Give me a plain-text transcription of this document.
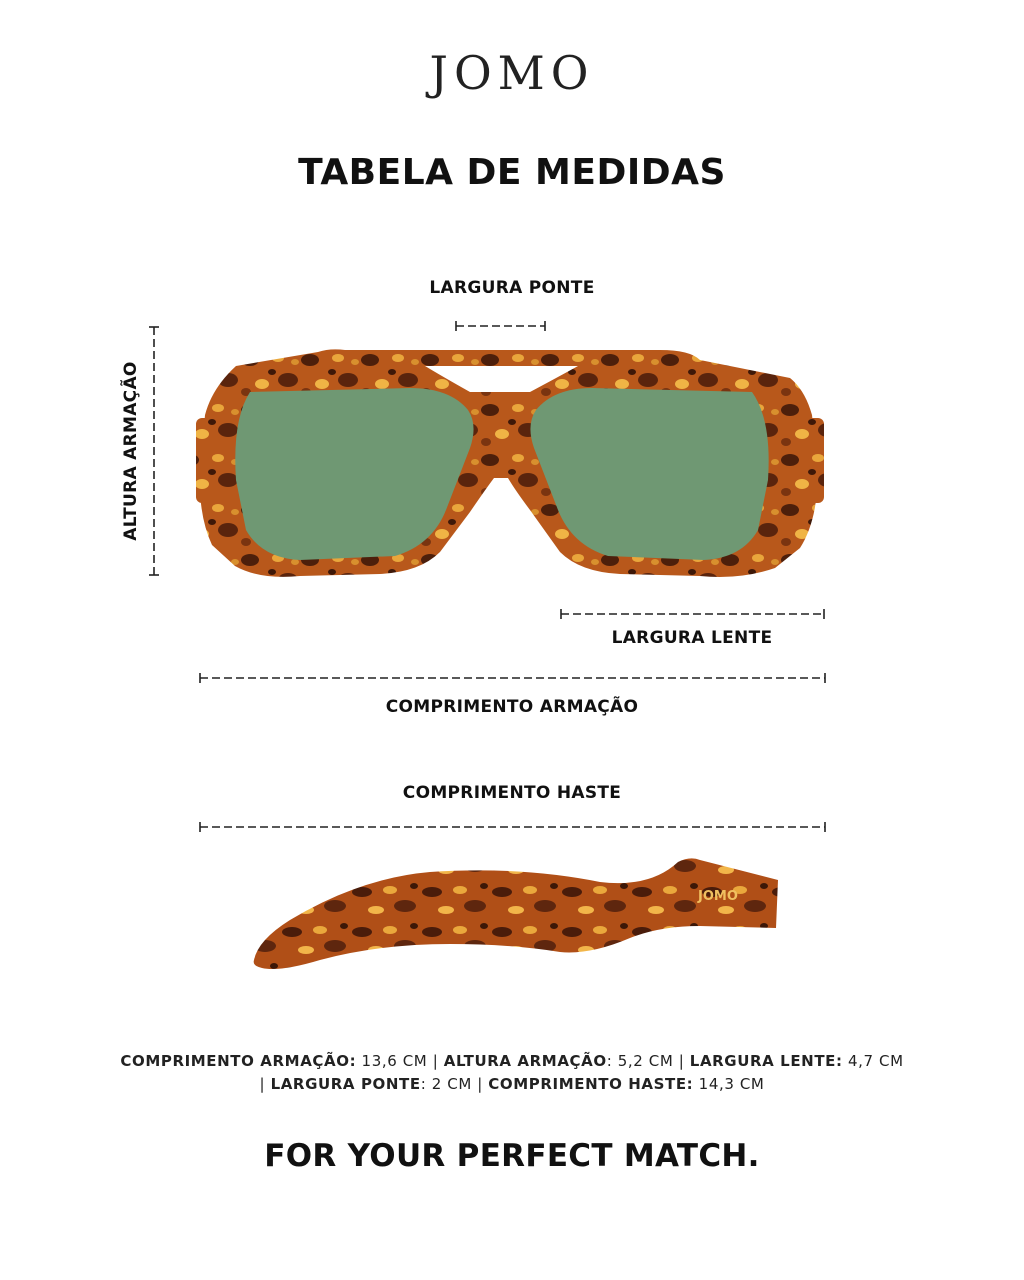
JOMO
TABELA DE MEDIDAS
JOMO
LARGURA PONTE
ALTURA ARMAÇÃO
LARGURA LENTE
COMPRIMENTO ARMAÇÃO
COMPRIMENTO HASTE
COMPRIMENTO ARMAÇÃO: 13,6 CM | ALTURA ARMAÇÃO: 5,2 CM | LARGURA LENTE: 4,7 CM
| LARGURA PONTE: 2 CM | COMPRIMENTO HASTE: 14,3 CM
FOR YOUR PERFECT MATCH.
